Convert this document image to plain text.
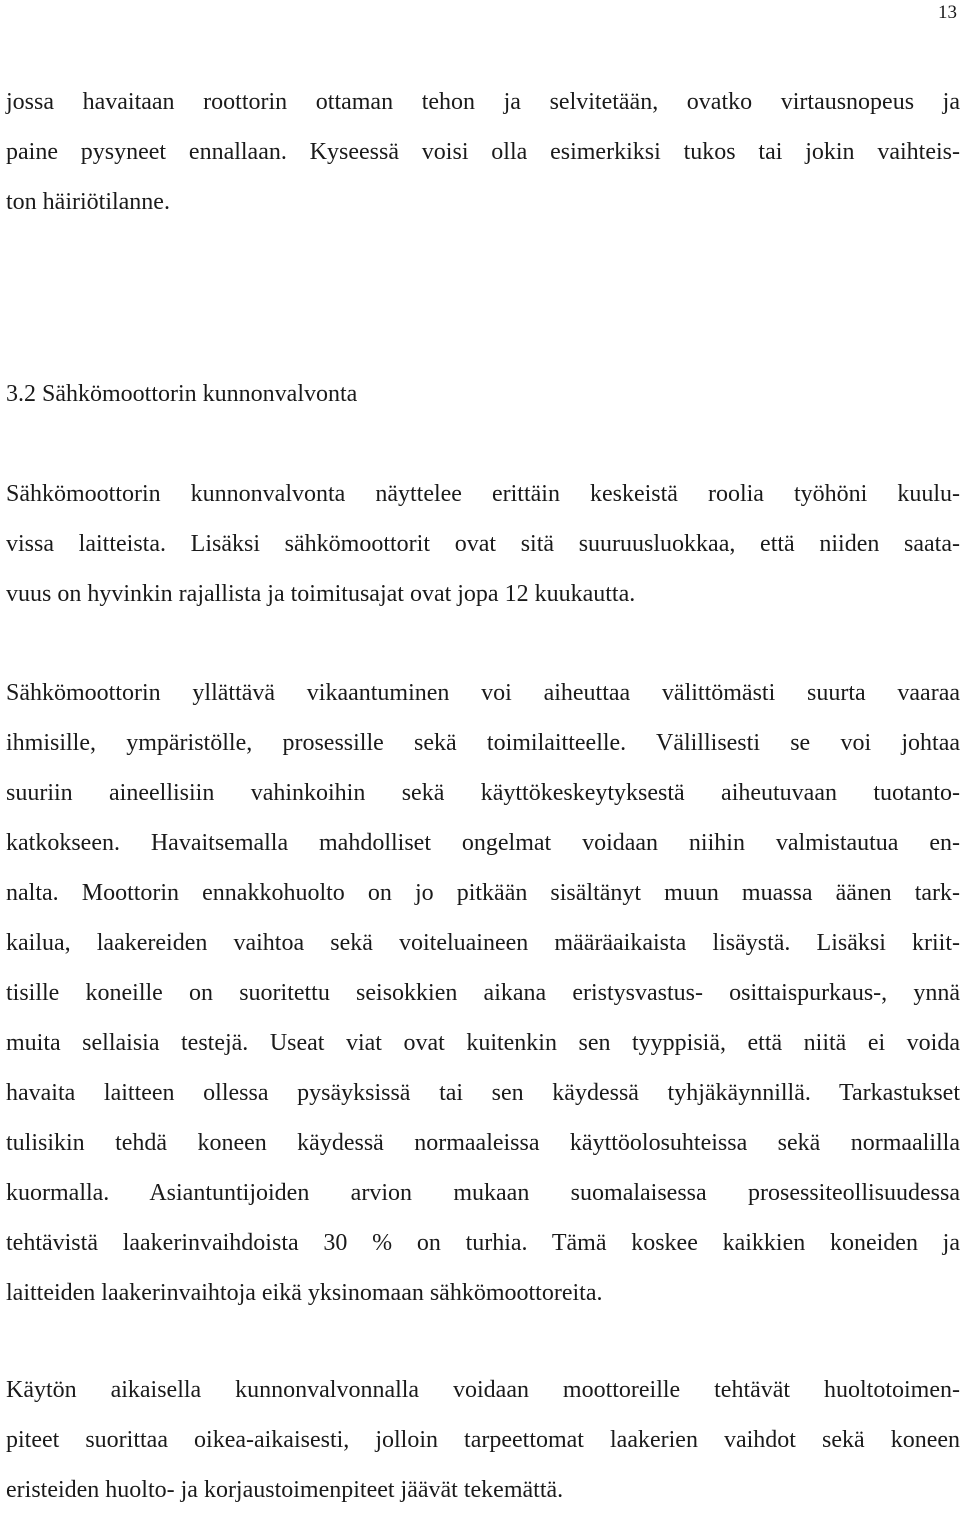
13
jossa havaitaan roottorin ottaman tehon ja selvitetään, ovatko virtausnopeus ja
paine pysyneet ennallaan. Kyseessä voisi olla esimerkiksi tukos tai jokin vaihteis-
ton häiriötilanne.
3.2 Sähkömoottorin kunnonvalvonta
Sähkömoottorin kunnonvalvonta näyttelee erittäin keskeistä roolia työhöni kuulu-
vissa laitteista. Lisäksi sähkömoottorit ovat sitä suuruusluokkaa, että niiden saata-
vuus on hyvinkin rajallista ja toimitusajat ovat jopa 12 kuukautta.
Sähkömoottorin yllättävä vikaantuminen voi aiheuttaa välittömästi suurta vaaraa
ihmisille, ympäristölle, prosessille sekä toimilaitteelle. Välillisesti se voi johtaa
suuriin aineellisiin vahinkoihin sekä käyttökeskeytyksestä aiheutuvaan tuotanto-
katkokseen. Havaitsemalla mahdolliset ongelmat voidaan niihin valmistautua en-
nalta. Moottorin ennakkohuolto on jo pitkään sisältänyt muun muassa äänen tark-
kailua, laakereiden vaihtoa sekä voiteluaineen määräaikaista lisäystä. Lisäksi kriit-
tisille koneille on suoritettu seisokkien aikana eristysvastus- osittaispurkaus-, ynnä
muita sellaisia testejä. Useat viat ovat kuitenkin sen tyyppisiä, että niitä ei voida
havaita laitteen ollessa pysäyksissä tai sen käydessä tyhjäkäynnillä. Tarkastukset
tulisikin tehdä koneen käydessä normaaleissa käyttöolosuhteissa sekä normaalilla
kuormalla. Asiantuntijoiden arvion mukaan suomalaisessa prosessiteollisuudessa
tehtävistä laakerinvaihdoista 30 % on turhia. Tämä koskee kaikkien koneiden ja
laitteiden laakerinvaihtoja eikä yksinomaan sähkömoottoreita.
Käytön aikaisella kunnonvalvonnalla voidaan moottoreille tehtävät huoltotoimen-
piteet suorittaa oikea-aikaisesti, jolloin tarpeettomat laakerien vaihdot sekä koneen
eristeiden huolto- ja korjaustoimenpiteet jäävät tekemättä.
